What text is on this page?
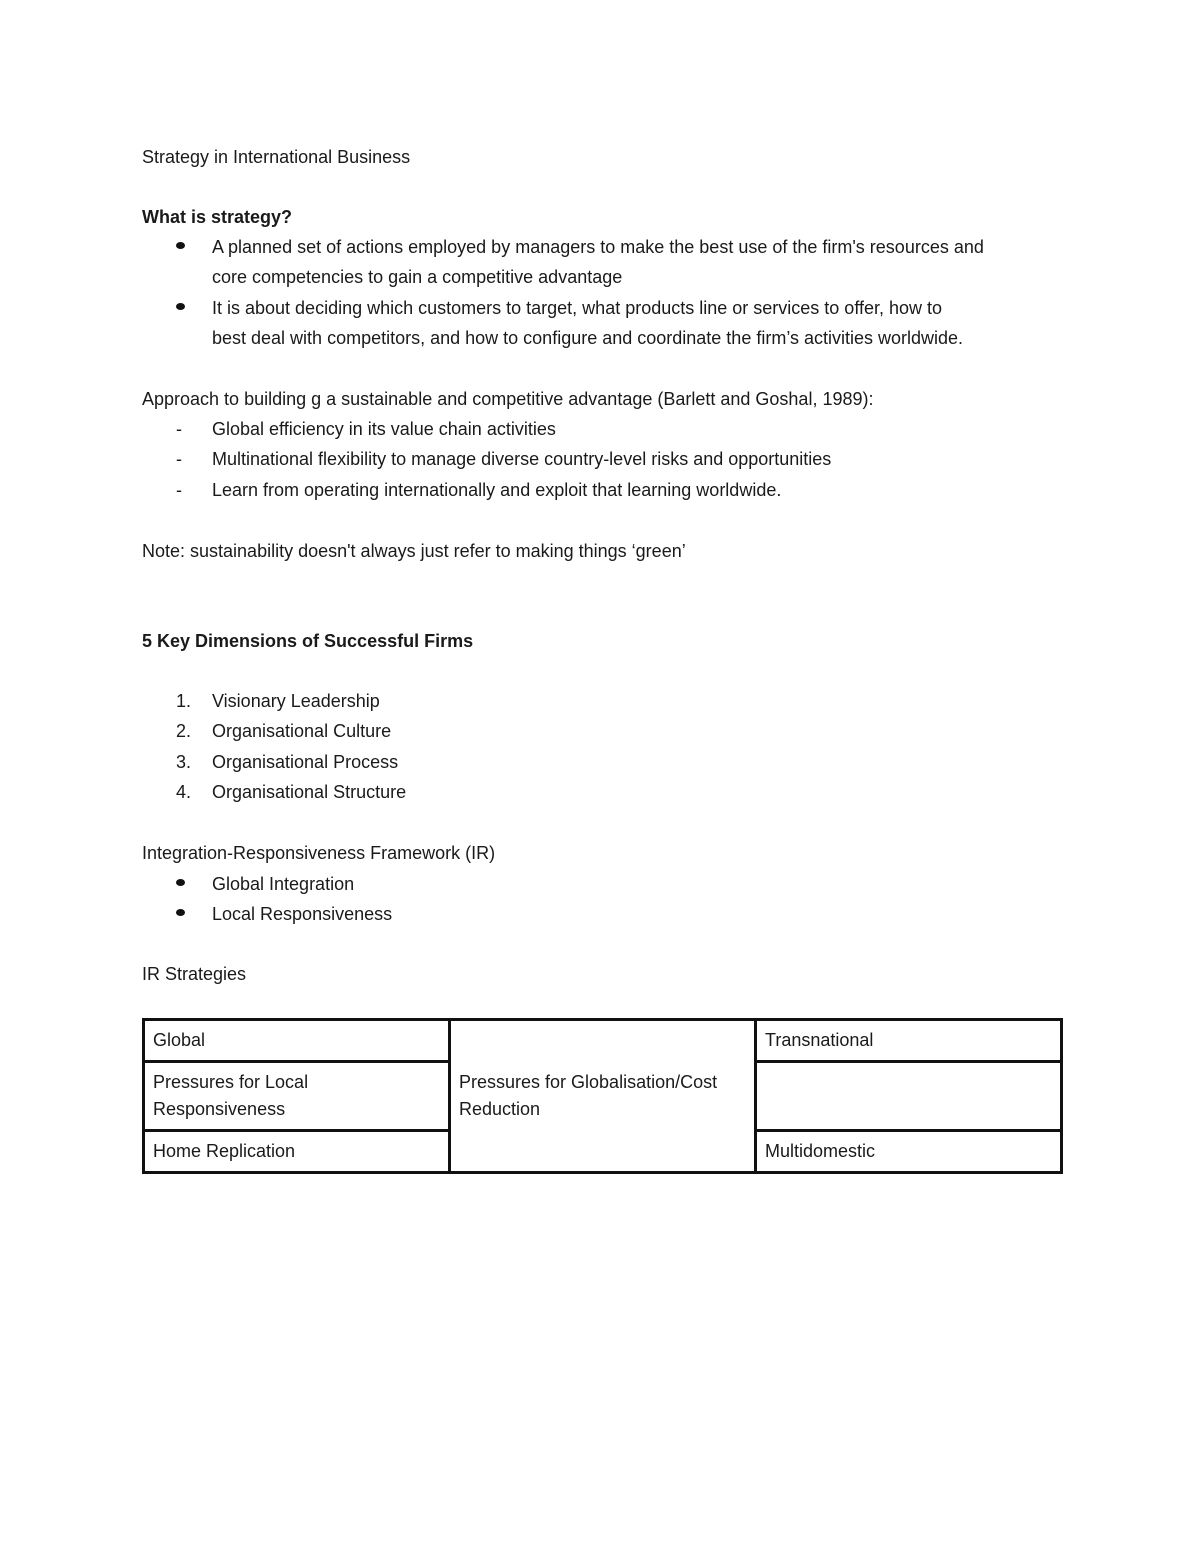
Strategy in International Business
What is strategy?
A planned set of actions employed by managers to make the best use of the firm's resources and
core competencies to gain a competitive advantage
It is about deciding which customers to target, what products line or services to offer, how to
best deal with competitors, and how to configure and coordinate the firm’s activities worldwide.
Approach to building g a sustainable and competitive advantage (Barlett and Goshal, 1989):
- Global efficiency in its value chain activities
- Multinational flexibility to manage diverse country-level risks and opportunities
- Learn from operating internationally and exploit that learning worldwide.
Note: sustainability doesn't always just refer to making things ‘green’
5 Key Dimensions of Successful Firms
1. Visionary Leadership
2. Organisational Culture
3. Organisational Process
4. Organisational Structure
Integration-Responsiveness Framework (IR)
Global Integration
Local Responsiveness
IR Strategies
Global	Pressures for Globalisation/Cost Reduction	Transnational
Pressures for Local Responsiveness		
Home Replication		Multidomestic
